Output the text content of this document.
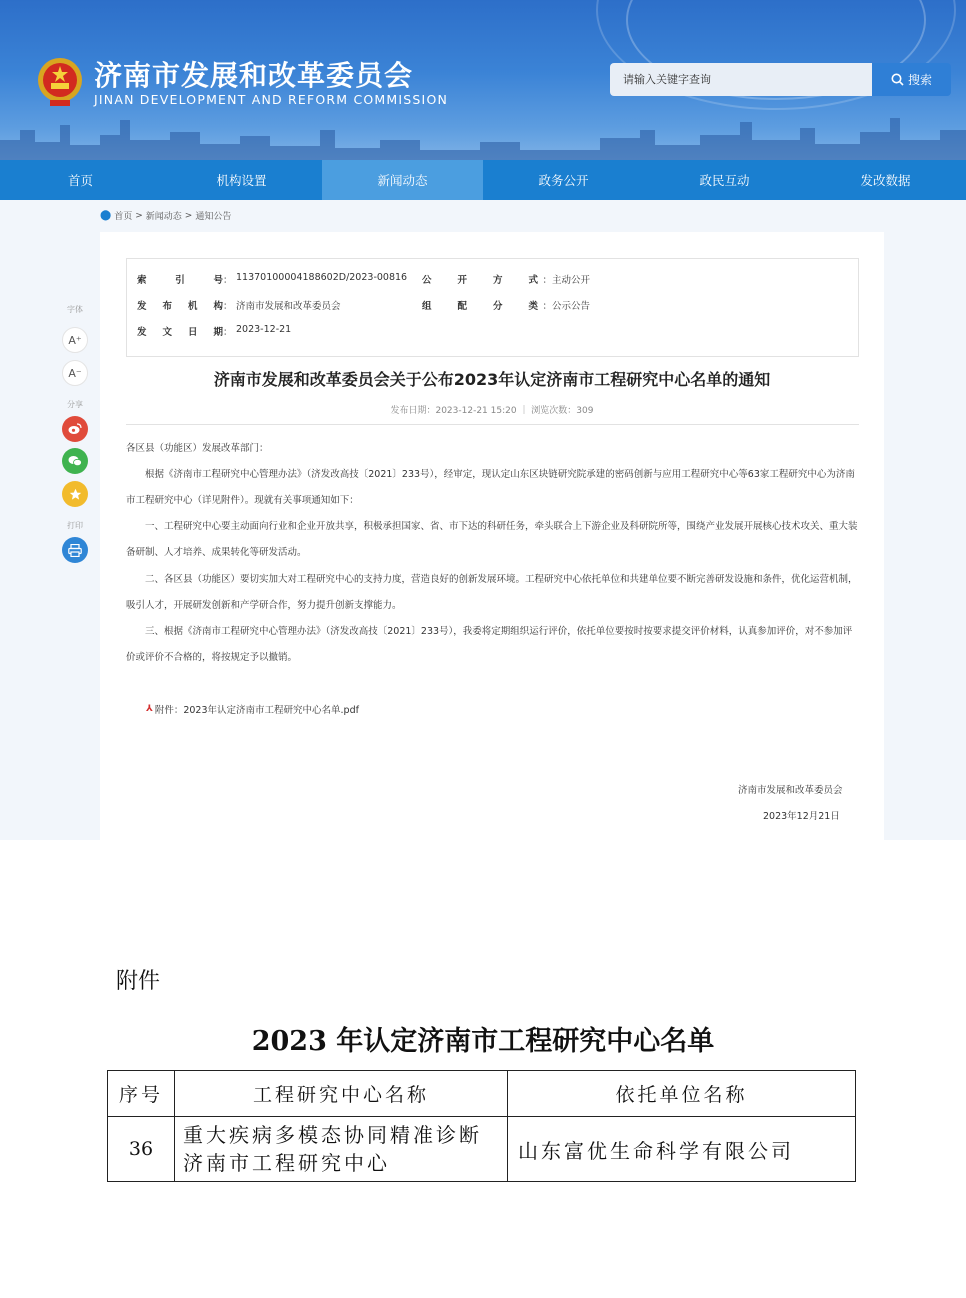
济南市发展和改革委员会
JINAN DEVELOPMENT AND REFORM COMMISSION
请输入关键字查询
搜索
首页	机构设置	新闻动态	政务公开	政民互动	发改数据
⬤ 首页 > 新闻动态 > 通知公告
字体
A⁺
A⁻
分享
打印
索	引	号 ： 11370100004188602D/2023-00816 公	开	方	式 ： 主动公开
发 布 机 构 ： 济南市发展和改革委员会	组	配	分	类 ： 公示公告
发 文 日 期 ： 2023-12-21
济南市发展和改革委员会关于公布2023年认定济南市工程研究中心名单的通知
发布日期：2023-12-21 15:20 ｜ 浏览次数：309
各区县（功能区）发展改革部门：
根据《济南市工程研究中心管理办法》（济发改高技〔2021〕233号），经审定，现认定山东区块链研究院承建的密码创新与应用工程研究中心等63家工程研究中心为济南市工程研究中心（详见附件）。现就有关事项通知如下：
一、工程研究中心要主动面向行业和企业开放共享，积极承担国家、省、市下达的科研任务，牵头联合上下游企业及科研院所等，围绕产业发展开展核心技术攻关、重大装备研制、人才培养、成果转化等研发活动。
二、各区县（功能区）要切实加大对工程研究中心的支持力度，营造良好的创新发展环境。工程研究中心依托单位和共建单位要不断完善研发设施和条件，优化运营机制，吸引人才，开展研发创新和产学研合作，努力提升创新支撑能力。
三、根据《济南市工程研究中心管理办法》（济发改高技〔2021〕233号），我委将定期组织运行评价，依托单位要按时按要求提交评价材料，认真参加评价，对不参加评价或评价不合格的，将按规定予以撤销。
⅄ 附件：2023年认定济南市工程研究中心名单.pdf
济南市发展和改革委员会
2023年12月21日
附件
2023 年认定济南市工程研究中心名单
序号	工程研究中心名称	依托单位名称
36	重大疾病多模态协同精准诊断济南市工程研究中心	山东富优生命科学有限公司
